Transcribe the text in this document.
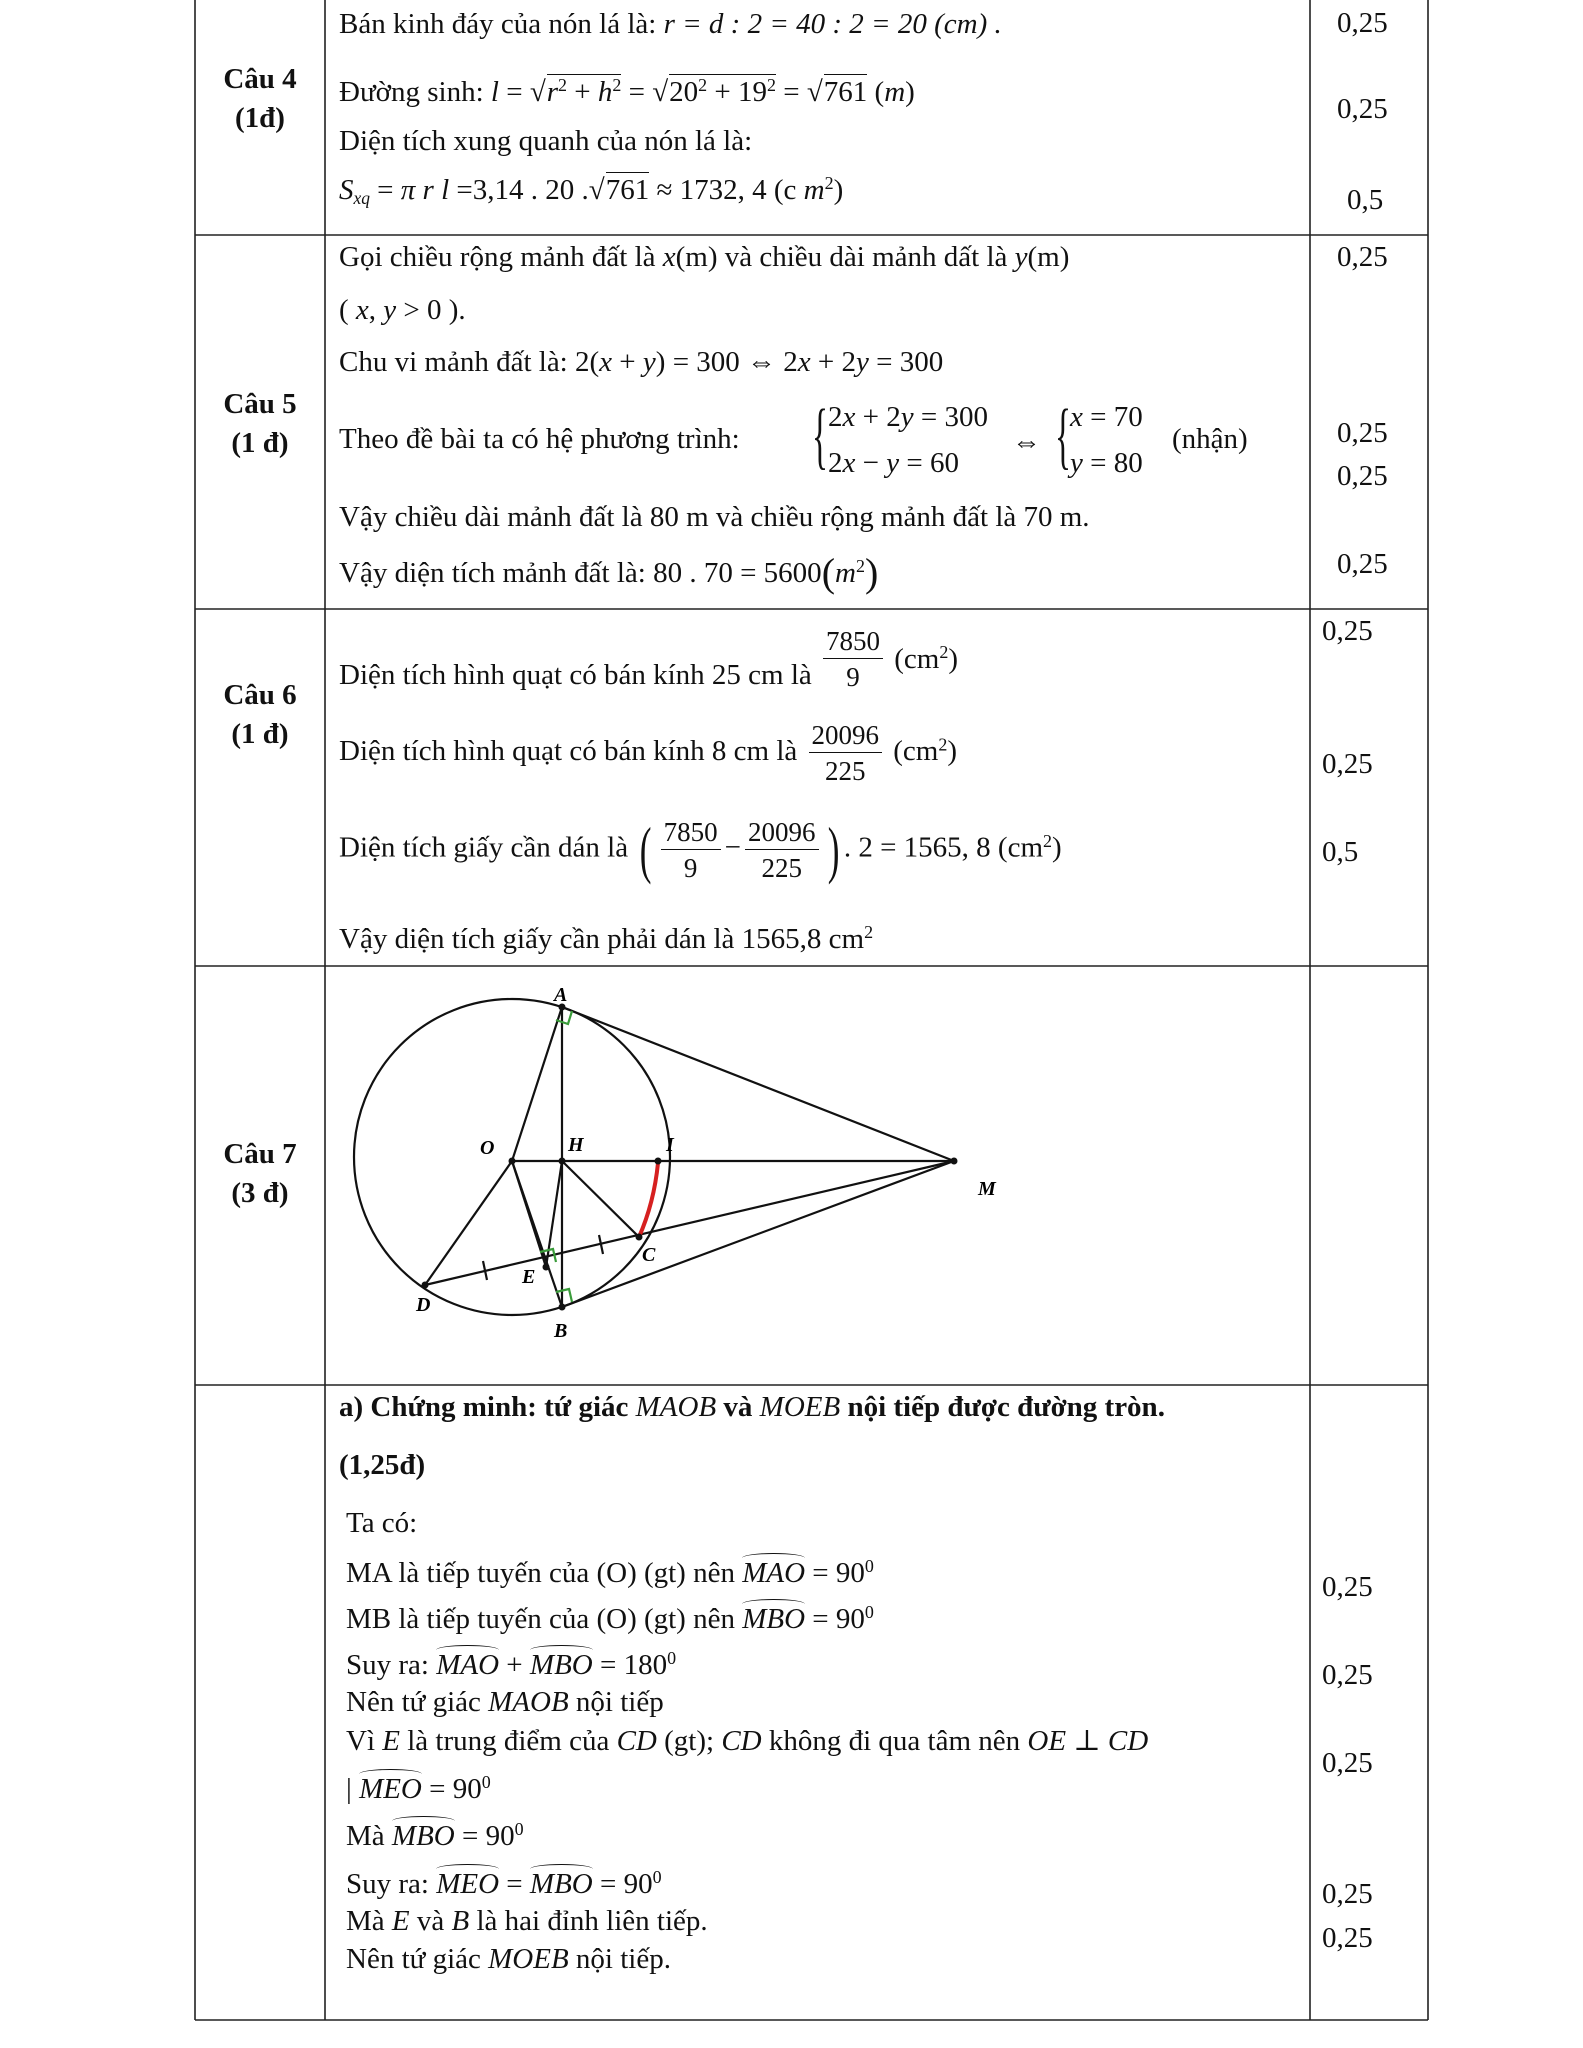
Câu 4
(1đ)
Bán kinh đáy của nón lá là: r = d : 2 = 40 : 2 = 20 (cm) .
Đường sinh: $l = √r^2 + h^2 = √20^2 + 19^2 = √761$ (m)
Diện tích xung quanh của nón lá là:
$S_{xq} = \pi$ r l =3,14 . 20 .√761 ≈ 1732, 4 (c $m^2$)
0,25
0,25
0,5
Câu 5
(1 đ)
Gọi chiều rộng mảnh đất là x(m) và chiều dài mảnh dất là y(m)
( x, y > 0 ).
Chu vi mảnh đất là: 2(x + y) = 300 ⇔ 2x + 2y = 300
Theo đề bài ta có hệ phương trình: { 2x + 2y = 300
2x − y = 60
⇔ { x = 70
y = 80
(nhận)
Vậy chiều dài mảnh đất là 80 m và chiều rộng mảnh đất là 70 m.
Vậy diện tích mảnh đất là: 80 . $70 = 5600(m^2)$
0,25
0,25
0,25
0,25
Câu 6
(1 đ)
Diện tích hình quạt có bán kính 25 cm là $\frac{7850}{9} (cm^2)$
Diện tích hình quạt có bán kính 8 cm là $\frac{20096}{225} (cm^2)$
Diện tích giấy cần dán là ( $\frac{7850}{9} - \frac{20096}{225}$ ) . 2 = 1565, 8 $(cm^2)$
Vậy diện tích giấy cần phải dán là 1565,8 $cm^2$
0,25
0,25
0,5
Câu 7
(3 đ)
A
O	H	I
M
C
E
D
B
a) Chứng minh: tứ giác MAOB và MOEB nội tiếp được đường tròn.
(1,25đ)
Ta có:
MA là tiếp tuyến của (O) (gt) nên MAO = $90^0$
MB là tiếp tuyến của (O) (gt) nên MBO = $90^0$
Suy ra: MAO + MBO = $180^0$
Nên tứ giác MAOB nội tiếp
Vì E là trung điểm của CD (gt); CD không đi qua tâm nên OE ⊥ CD
| MEO = $90^0$
Mà MBO = $90^0$
Suy ra: MEO = MBO = $90^0$
Mà E và B là hai đỉnh liên tiếp.
Nên tứ giác MOEB nội tiếp.
0,25
0,25
0,25
0,25
0,25
